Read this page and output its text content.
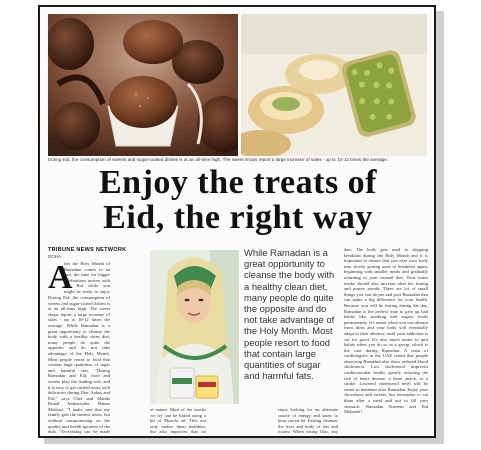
During Eid, the consumption of sweets and sugar-coated dishes is at an all-time high. The sweet shops report a large increase of sales - up to 10-12 times the average.
Enjoy the treats of
Eid, the right way
TRIBUNE NEWS NETWORK
DOHA
A
fter the Holy Month of Ramadan comes to an end, the time for bigger celebrations arrives with Eid. But while you might be ready to enjoy
During Eid, the consumption of sweets and sugar-coated dishes is at an all-time high. The sweet shops report a large increase of sales - up to 10-12 times the average. While Ramadan is a great opportunity to cleanse the body with a healthy clean diet, many people do quite the opposite and do not take advantage of the Holy Month. Most people resort to food that contain large quantities of sugar and harmful fats. "During Ramadan and Eid, food and sweets play the leading role, and it is easy to get carried away with delicacies during Iftar, Suhur and Eid," says Chef and Manda Brand Ambassador Hatem Mailawi. "I make sure that my family gets the tastiest treats, but without compromising on the quality and health quotient of the dish. "Everything can be made
of nature. Most of the snacks we fry can be baked using a bit of Mazola oil. This not only makes them healthier, but also improves that no flavour is lost." Hatem also
While Ramadan is a great opportunity to cleanse the body with a healthy clean diet, many people do quite the opposite and do not take advantage of the Holy Month. Most people resort to food that contain large quantities of sugar and harmful fats.
starts looking for an alternate source of energy and starts to burn stored fat. Fasting cleanses the liver and body of fats and toxins. When eating Iftar, any oily or fried food on Iftar, you
dan. The body gets used to skipping breakfast during the Holy Month and it is important to ensure that you ease your body into slowly getting used to breakfast again, beginning with smaller meals and gradually returning to your normal diet. Your water intake should also increase after the fasting and prayer month. There are lot of small things you can do pre and post Ramadan that can make a big difference for your health. Because you will be fasting during the day, Ramadan is the perfect time to give up bad habits like smoking and sugary foods permanently. It's easier when you can abstain from them and your body will eventually adapt to their absence, until your addiction is cut for good. It's also much easier to quit habits when you do so in a group, which is the case during Ramadan. A team of cardiologists in the UAE found that people observing Ramadan also show reduced blood cholesterol. Low cholesterol improves cardiovascular health, greatly reducing the risk of heart disease, a heart attack, or a stroke. Lowered cholesterol level will be easier to maintain after Ramadan. Enjoy your chocolates and sweets, but remember to eat them after a meal and not to fill your stomach. Ramadan Kareem and Eid Mubarak!
